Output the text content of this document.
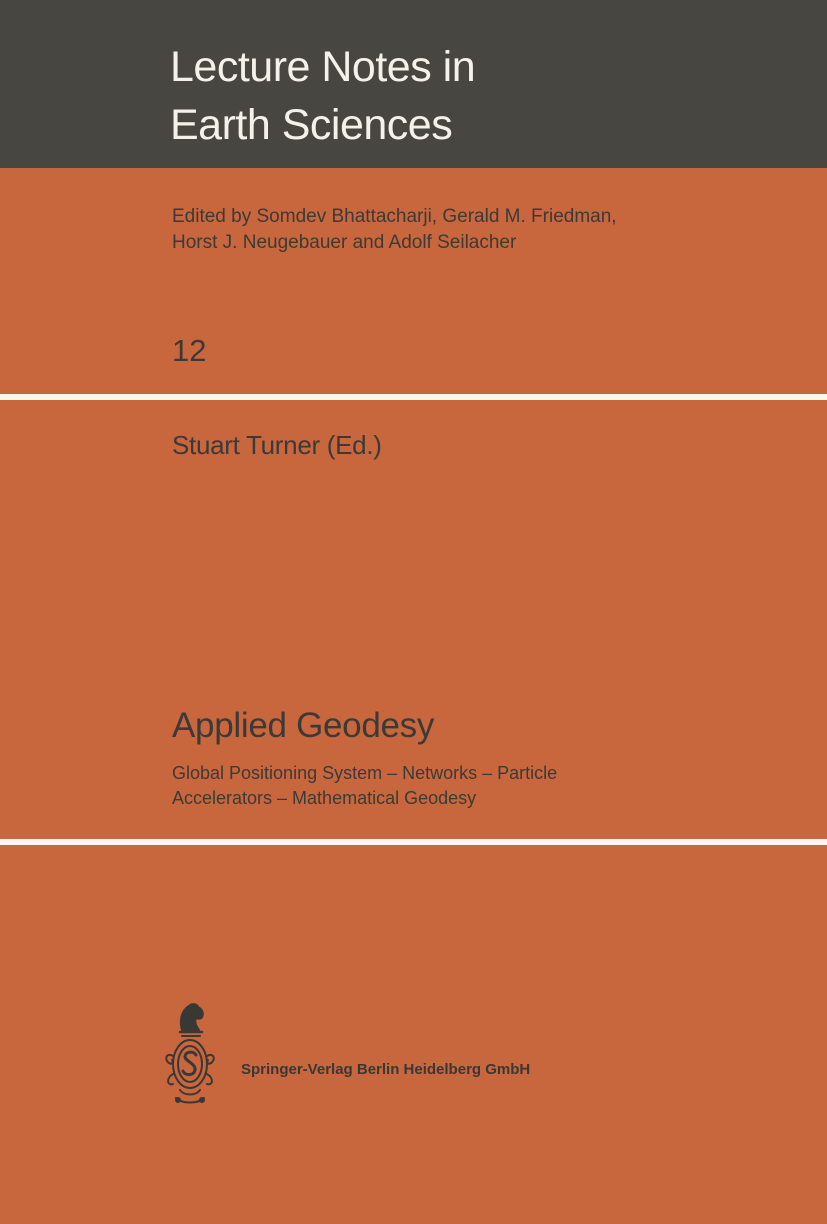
Lecture Notes in
Earth Sciences
Edited by Somdev Bhattacharji, Gerald M. Friedman,
Horst J. Neugebauer and Adolf Seilacher
12
Stuart Turner (Ed.)
Applied Geodesy
Global Positioning System – Networks – Particle
Accelerators – Mathematical Geodesy
Springer-Verlag Berlin Heidelberg GmbH
